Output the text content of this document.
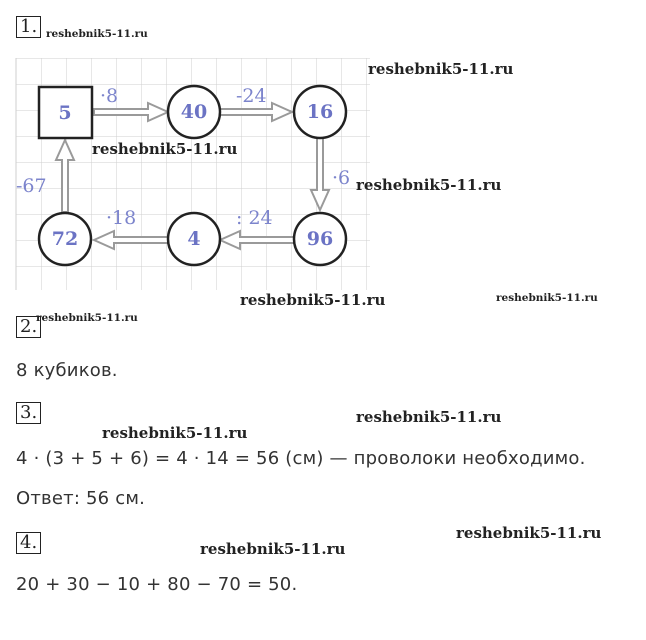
1. reshebnik5-11.ru
5	40	16
96
4
72
·8	-24
·6
: 24
·18
-67
reshebnik5-11.ru
reshebnik5-11.ru
reshebnik5-11.ru
reshebnik5-11.ru	reshebnik5-11.ru
2.
reshebnik5-11.ru
8 кубиков.
3.	reshebnik5-11.ru
reshebnik5-11.ru
4 · (3 + 5 + 6) = 4 · 14 = 56 (см) — проволоки необходимо.
Ответ: 56 см.
4.	reshebnik5-11.ru
reshebnik5-11.ru
20 + 30 − 10 + 80 − 70 = 50.
